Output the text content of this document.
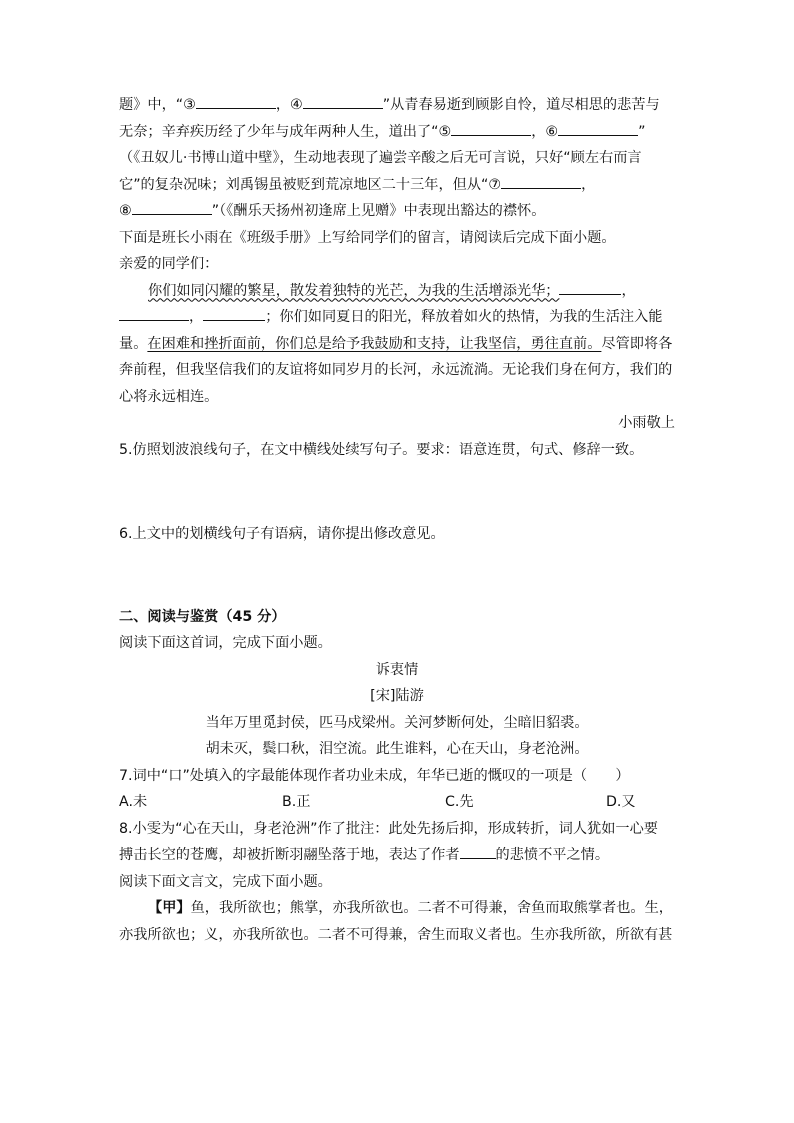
题》中，“③	，④	”从青春易逝到顾影自怜，道尽相思的悲苦与
无奈；辛弃疾历经了少年与成年两种人生，道出了“⑤	，⑥	”
（《丑奴儿·书博山道中壁》，生动地表现了遍尝辛酸之后无可言说，只好“顾左右而言
它”的复杂况味；刘禹锡虽被贬到荒凉地区二十三年，但从“⑦	，
⑧	”（《酬乐天扬州初逢席上见赠》中表现出豁达的襟怀。
下面是班长小雨在《班级手册》上写给同学们的留言，请阅读后完成下面小题。
亲爱的同学们：
你们如同闪耀的繁星，散发着独特的光芒，为我的生活增添光华；	，
，	；你们如同夏日的阳光，释放着如火的热情，为我的生活注入能
量。在困难和挫折面前，你们总是给予我鼓励和支持，让我坚信，勇往直前。尽管即将各
奔前程，但我坚信我们的友谊将如同岁月的长河，永远流淌。无论我们身在何方，我们的
心将永远相连。
小雨敬上
5.仿照划波浪线句子，在文中横线处续写句子。要求：语意连贯，句式、修辞一致。
6.上文中的划横线句子有语病，请你提出修改意见。
二、阅读与鉴赏（45 分）
阅读下面这首词，完成下面小题。
诉衷情
[宋]陆游
当年万里觅封侯，匹马戍梁州。关河梦断何处，尘暗旧貂裘。
胡未灭，鬓口秋，泪空流。此生谁料，心在天山，身老沧洲。
7.词中“口”处填入的字最能体现作者功业未成，年华已逝的慨叹的一项是（　　）
A.未	B.正	C.先	D.又
8.小雯为“心在天山，身老沧洲”作了批注：此处先扬后抑，形成转折，词人犹如一心要
搏击长空的苍鹰，却被折断羽翮坠落于地，表达了作者	的悲愤不平之情。
阅读下面文言文，完成下面小题。
【甲】鱼，我所欲也；熊掌，亦我所欲也。二者不可得兼，舍鱼而取熊掌者也。生，
亦我所欲也；义，亦我所欲也。二者不可得兼，舍生而取义者也。生亦我所欲，所欲有甚
